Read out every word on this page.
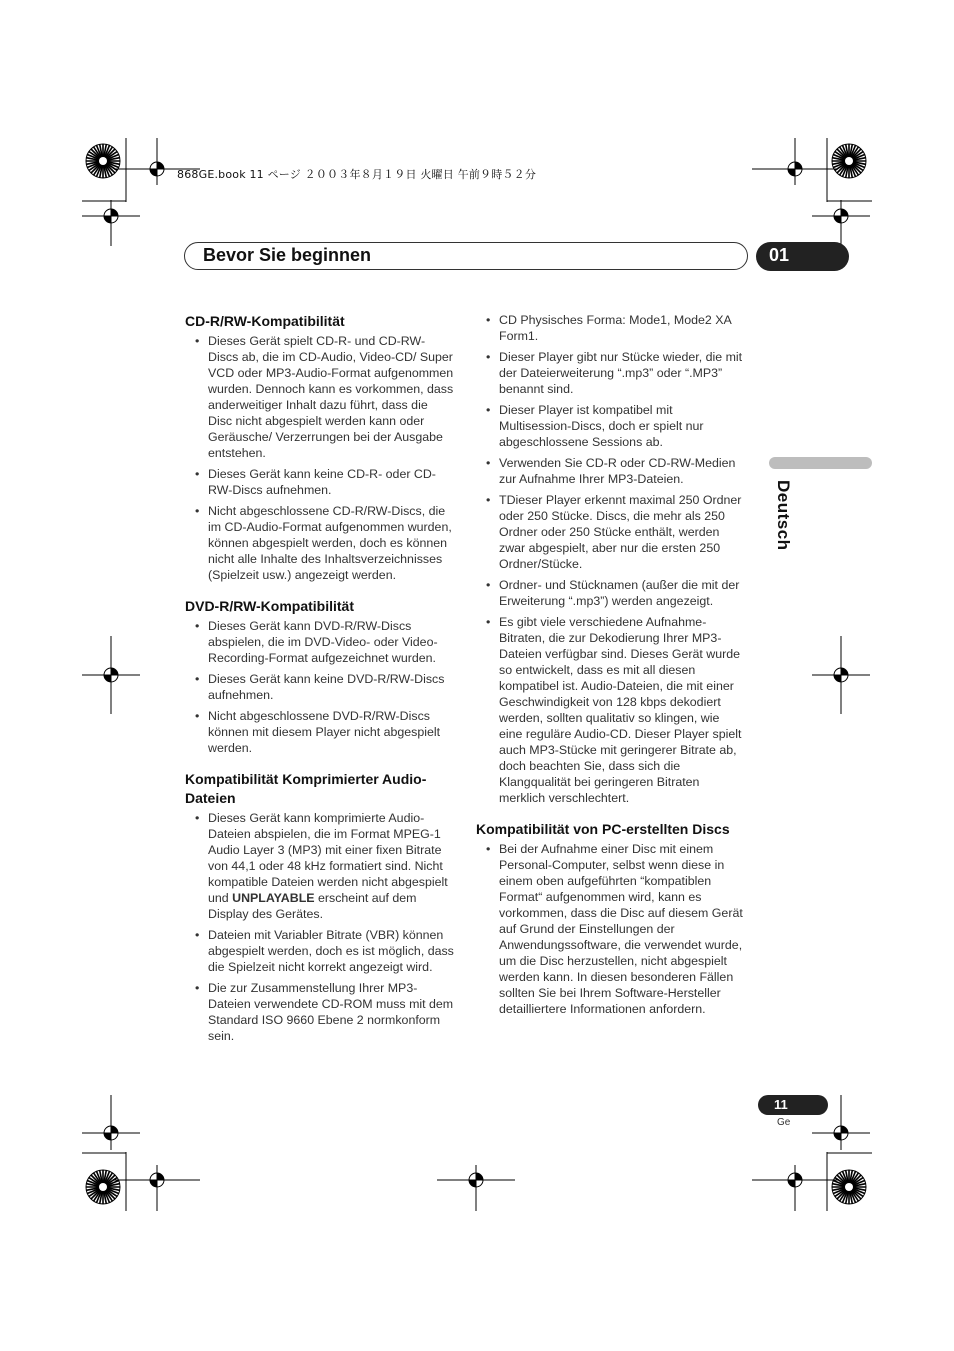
868GE.book 11 ページ ２００３年８月１９日 火曜日 午前９時５２分
Bevor Sie beginnen	01
Deutsch
CD-R/RW-Kompatibilität
• Dieses Gerät spielt CD-R- und CD-RW-Discs ab, die im CD-Audio, Video-CD/ Super VCD oder MP3-Audio-Format aufgenommen wurden. Dennoch kann es vorkommen, dass anderweitiger Inhalt dazu führt, dass die Disc nicht abgespielt werden kann oder Geräusche/ Verzerrungen bei der Ausgabe entstehen.
• Dieses Gerät kann keine CD-R- oder CD-RW-Discs aufnehmen.
• Nicht abgeschlossene CD-R/RW-Discs, die im CD-Audio-Format aufgenommen wurden, können abgespielt werden, doch es können nicht alle Inhalte des Inhaltsverzeichnisses (Spielzeit usw.) angezeigt werden.
DVD-R/RW-Kompatibilität
• Dieses Gerät kann DVD-R/RW-Discs abspielen, die im DVD-Video- oder Video-Recording-Format aufgezeichnet wurden.
• Dieses Gerät kann keine DVD-R/RW-Discs aufnehmen.
• Nicht abgeschlossene DVD-R/RW-Discs können mit diesem Player nicht abgespielt werden.
Kompatibilität Komprimierter Audio-Dateien
• Dieses Gerät kann komprimierte Audio-Dateien abspielen, die im Format MPEG-1 Audio Layer 3 (MP3) mit einer fixen Bitrate von 44,1 oder 48 kHz formatiert sind. Nicht kompatible Dateien werden nicht abgespielt und UNPLAYABLE erscheint auf dem Display des Gerätes.
• Dateien mit Variabler Bitrate (VBR) können abgespielt werden, doch es ist möglich, dass die Spielzeit nicht korrekt angezeigt wird.
• Die zur Zusammenstellung Ihrer MP3-Dateien verwendete CD-ROM muss mit dem Standard ISO 9660 Ebene 2 normkonform sein.
• CD Physisches Forma: Mode1, Mode2 XA Form1.
• Dieser Player gibt nur Stücke wieder, die mit der Dateierweiterung “.mp3” oder “.MP3” benannt sind.
• Dieser Player ist kompatibel mit Multisession-Discs, doch er spielt nur abgeschlossene Sessions ab.
• Verwenden Sie CD-R oder CD-RW-Medien zur Aufnahme Ihrer MP3-Dateien.
• TDieser Player erkennt maximal 250 Ordner oder 250 Stücke. Discs, die mehr als 250 Ordner oder 250 Stücke enthält, werden zwar abgespielt, aber nur die ersten 250 Ordner/Stücke.
• Ordner- und Stücknamen (außer die mit der Erweiterung “.mp3”) werden angezeigt.
• Es gibt viele verschiedene Aufnahme-Bitraten, die zur Dekodierung Ihrer MP3-Dateien verfügbar sind. Dieses Gerät wurde so entwickelt, dass es mit all diesen kompatibel ist. Audio-Dateien, die mit einer Geschwindigkeit von 128 kbps dekodiert werden, sollten qualitativ so klingen, wie eine reguläre Audio-CD. Dieser Player spielt auch MP3-Stücke mit geringerer Bitrate ab, doch beachten Sie, dass sich die Klangqualität bei geringeren Bitraten merklich verschlechtert.
Kompatibilität von PC-erstellten Discs
• Bei der Aufnahme einer Disc mit einem Personal-Computer, selbst wenn diese in einem oben aufgeführten “kompatiblen Format“ aufgenommen wird, kann es vorkommen, dass die Disc auf diesem Gerät auf Grund der Einstellungen der Anwendungssoftware, die verwendet wurde, um die Disc herzustellen, nicht abgespielt werden kann. In diesen besonderen Fällen sollten Sie bei Ihrem Software-Hersteller detailliertere Informationen anfordern.
11
Ge
